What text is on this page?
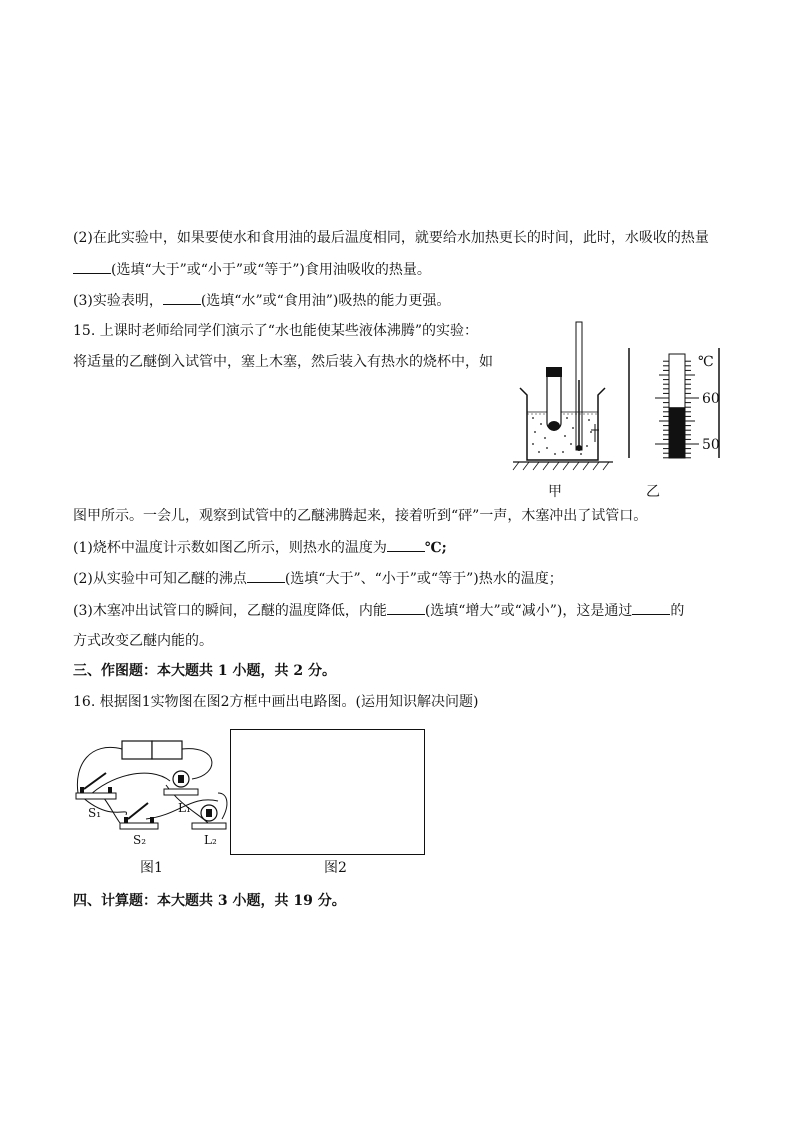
(2)在此实验中，如果要使水和食用油的最后温度相同，就要给水加热更长的时间，此时，水吸收的热量
(选填“大于”或“小于”或“等于”)食用油吸收的热量。
(3)实验表明，	(选填“水”或“食用油”)吸热的能力更强。
15. 上课时老师给同学们演示了“水也能使某些液体沸腾”的实验：
将适量的乙醚倒入试管中，塞上木塞，然后装入有热水的烧杯中，如
甲
℃
60
50
乙
图甲所示。一会儿，观察到试管中的乙醚沸腾起来，接着听到“砰”一声，木塞冲出了试管口。
(1)烧杯中温度计示数如图乙所示，则热水的温度为	℃;
(2)从实验中可知乙醚的沸点	(选填“大于”、“小于”或“等于”)热水的温度；
(3)木塞冲出试管口的瞬间，乙醚的温度降低，内能	(选填“增大”或“减小”)，这是通过	的
方式改变乙醚内能的。
三、作图题：本大题共 1 小题，共 2 分。
16. 根据图1实物图在图2方框中画出电路图。(运用知识解决问题)
S₁
S₂
L₁
L₂
图1	图2
四、计算题：本大题共 3 小题，共 19 分。
